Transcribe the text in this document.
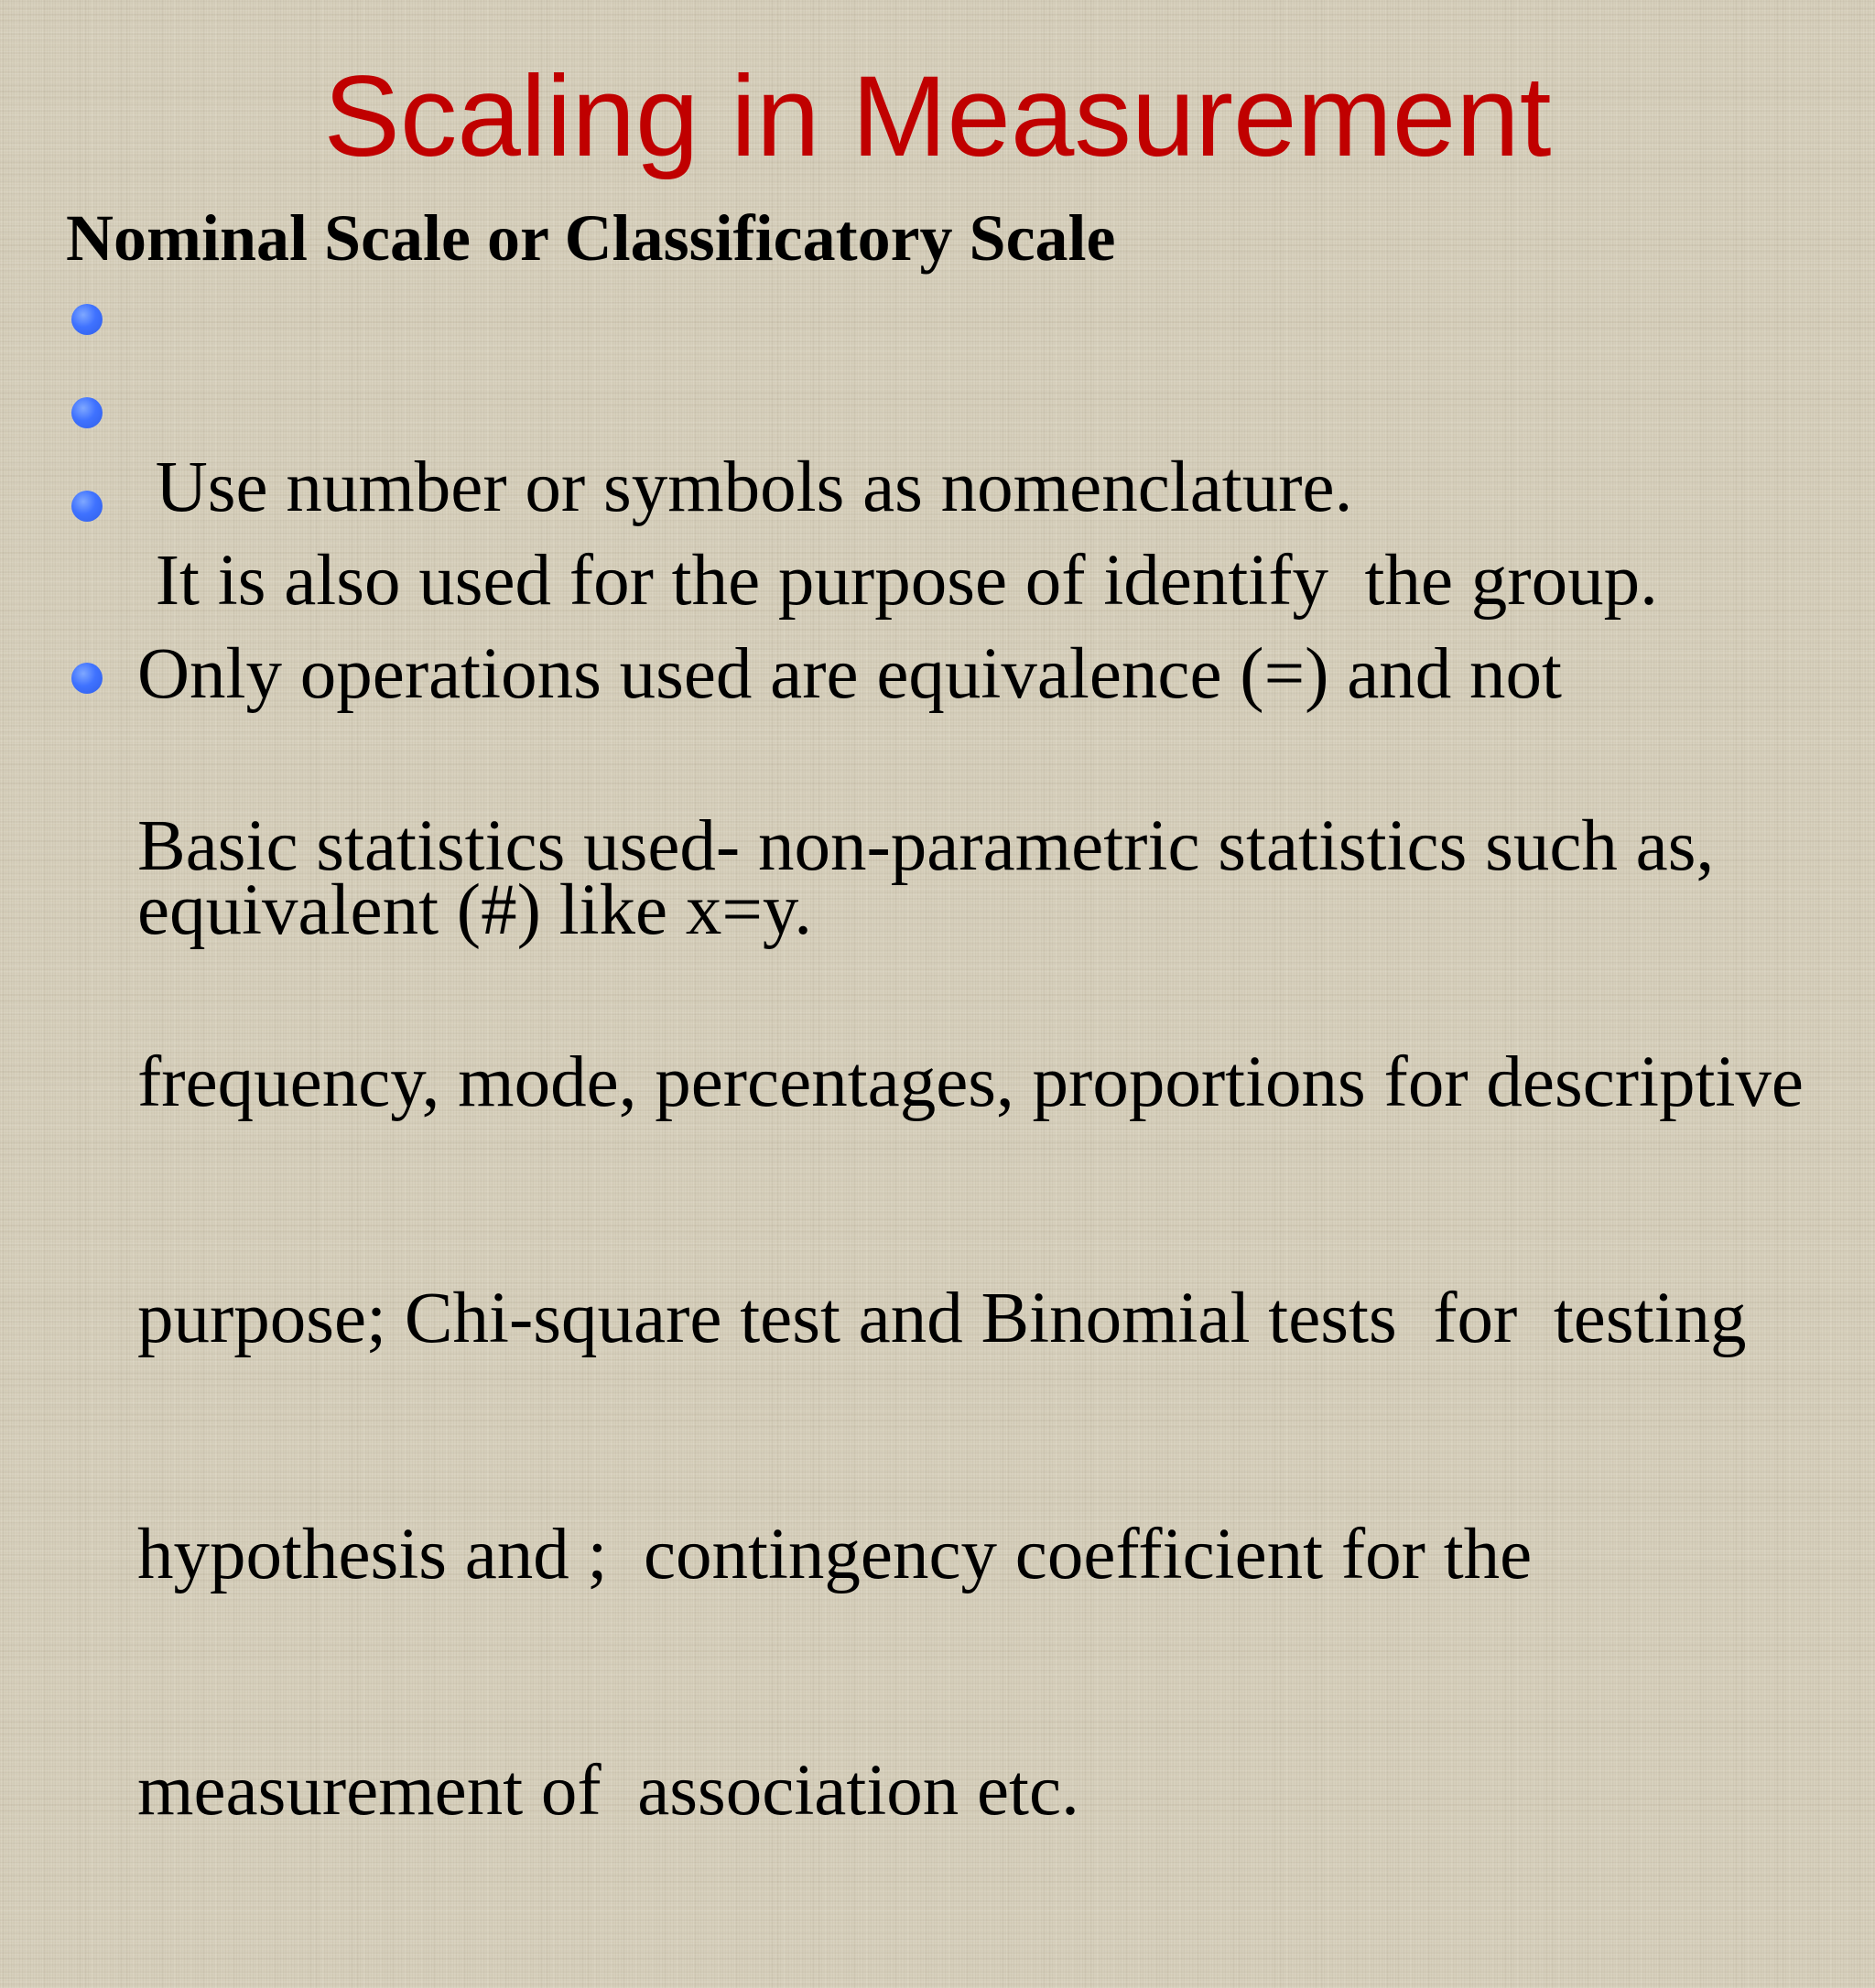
Scaling in Measurement
Nominal Scale or Classificatory Scale

Use number or symbols as nomenclature.

It is also used for the purpose of identify  the group.

Only operations used are equivalence (=) and not

equivalent (#) like x=y.

Basic statistics used- non-parametric statistics such as,

frequency, mode, percentages, proportions for descriptive

purpose; Chi-square test and Binomial tests  for  testing

hypothesis and ;  contingency coefficient for the

measurement of  association etc.
